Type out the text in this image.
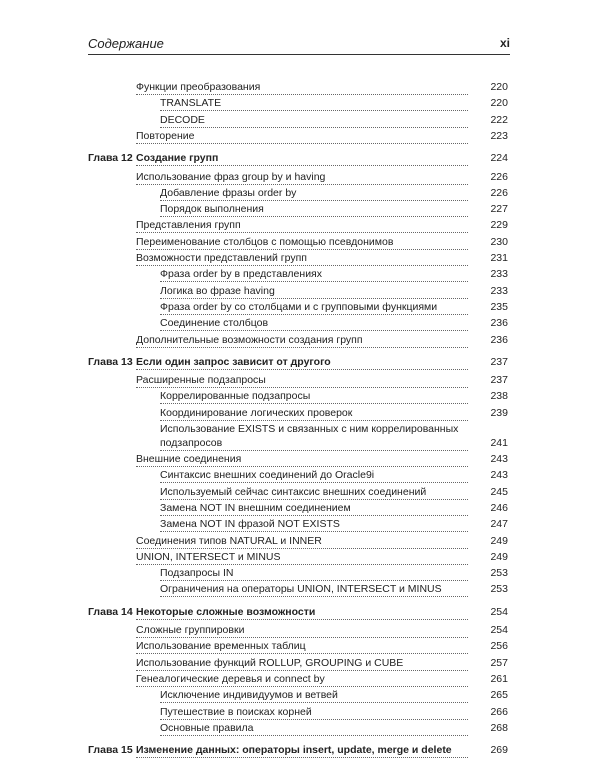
Содержание	xi
Функции преобразования	220
TRANSLATE	220
DECODE	222
Повторение	223
Глава 12 Создание групп	224
Использование фраз group by и having	226
Добавление фразы order by	226
Порядок выполнения	227
Представления групп	229
Переименование столбцов с помощью псевдонимов	230
Возможности представлений групп	231
Фраза order by в представлениях	233
Логика во фразе having	233
Фраза order by со столбцами и с групповыми функциями	235
Соединение столбцов	236
Дополнительные возможности создания групп	236
Глава 13 Если один запрос зависит от другого	237
Расширенные подзапросы	237
Коррелированные подзапросы	238
Координирование логических проверок	239
Использование EXISTS и связанных с ним коррелированных подзапросов	241
Внешние соединения	243
Синтаксис внешних соединений до Oracle9i	243
Используемый сейчас синтаксис внешних соединений	245
Замена NOT IN внешним соединением	246
Замена NOT IN фразой NOT EXISTS	247
Соединения типов NATURAL и INNER	249
UNION, INTERSECT и MINUS	249
Подзапросы IN	253
Ограничения на операторы UNION, INTERSECT и MINUS	253
Глава 14 Некоторые сложные возможности	254
Сложные группировки	254
Использование временных таблиц	256
Использование функций ROLLUP, GROUPING и CUBE	257
Генеалогические деревья и connect by	261
Исключение индивидуумов и ветвей	265
Путешествие в поисках корней	266
Основные правила	268
Глава 15 Изменение данных: операторы insert, update, merge и delete	269
